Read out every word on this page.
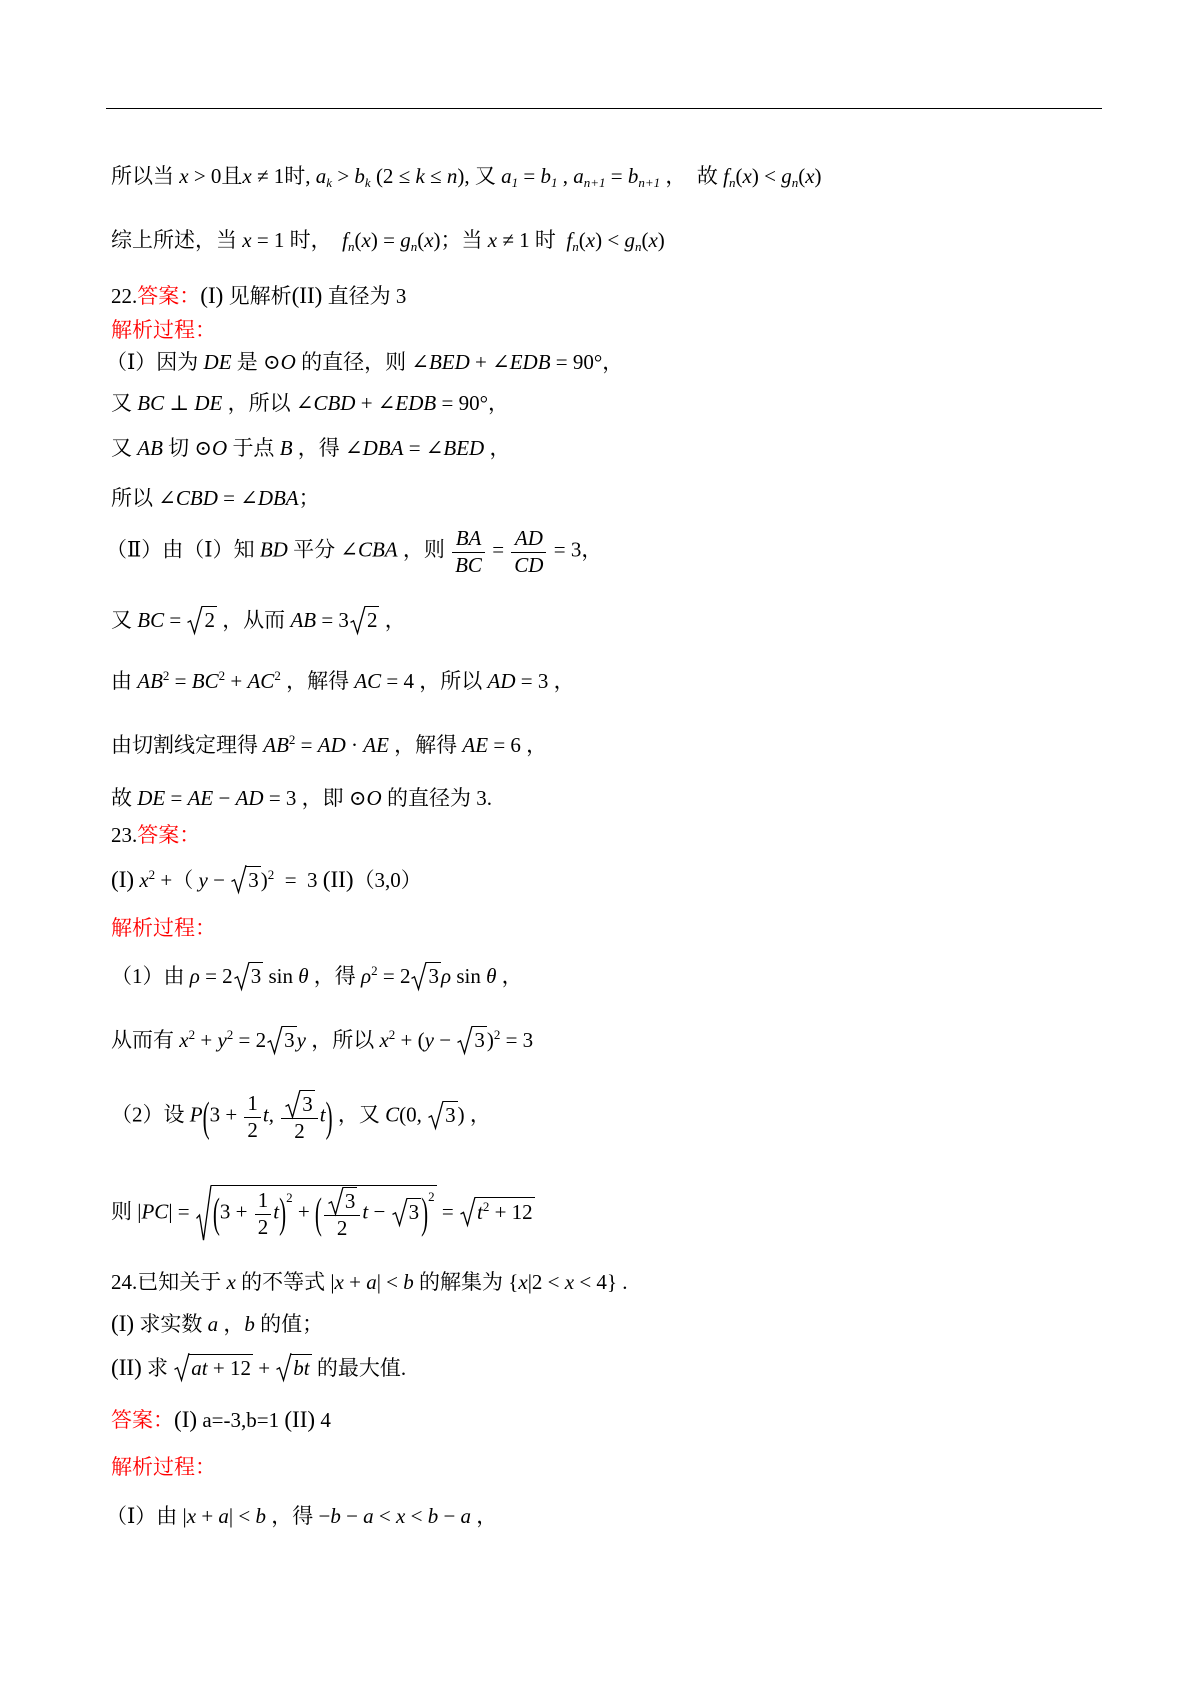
所以当 x > 0且x ≠ 1时, ak > bk (2 ≤ k ≤ n), 又 a1 = b1 , an+1 = bn+1 ，  故 fn(x) < gn(x)
综上所述，当 x = 1 时，  fn(x) = gn(x)；当 x ≠ 1 时  fn(x) < gn(x)
22.答案：(I) 见解析(II) 直径为 3
解析过程：
（Ⅰ）因为 DE 是 ⊙O 的直径，则 ∠BED + ∠EDB = 90°，
又 BC ⊥ DE ，所以 ∠CBD + ∠EDB = 90°，
又 AB 切 ⊙O 于点 B ，得 ∠DBA = ∠BED ，
所以 ∠CBD = ∠DBA；
（Ⅱ）由（Ⅰ）知 BD 平分 ∠CBA ，则 $\frac{BA}{BC} = \frac{AD}{CD} = 3$，
又 BC =
2 ，从而 AB = 3 2 ，
由 $AB^2 = BC^2 + AC^2$ ，解得 AC = 4 ，所以 AD = 3 ，
由切割线定理得 $AB^2$ = AD · AE ，解得 AE = 6 ，
故 DE = AE − AD = 3 ，即 ⊙O 的直径为 3.
23.答案：
(I) $x^2$ +（ y −
3)$^2$  =  3 (II)（3,0）
解析过程：
（1）由 ρ = 2 3 sin θ ，得 $\rho^2 = 2$ 3ρ sin θ ，
从而有 $x^2 + y^2 = 2$ 3y ，所以 $x^2 + (y$ −
3)$^2$ = 3
（2）设 $P(3 + \frac{1}{2} t$, $\frac{3}{2} t$) ，又 C(0,
3) ，
则 |PC| =
$(3 + \frac{1}{2} t)^2$ + ( $\frac{3}{2}$ t −
3)$^2$ =
$t^2 + 12$
24.已知关于 x 的不等式 |x + a| < b 的解集为 {x|2 < x < 4} .
(I) 求实数 a ，b 的值；
(II) 求
at + 12 +
bt 的最大值.
答案：(I) a=-3,b=1 (II) 4
解析过程：
（Ⅰ）由 |x + a| < b ，得 −b − a < x < b − a ，
